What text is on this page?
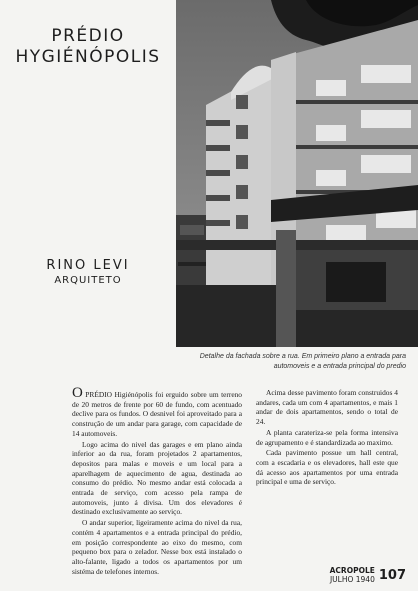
PRÉDIO
HYGIÉNÓPOLIS
RINO LEVI
ARQUITETO
Detalhe da fachada sobre a rua. Em primeiro plano a entrada para automoveis e a entrada principal do predio

O PRÉDIO Higiénópolis foi erguido sobre um terreno de 20 metros de frente por 60 de fundo, com acentuado declive para os fundos. O desnivel foi aproveitado para a construção de um andar para garage, com capacidade de 14 automoveis.

Logo acima do nivel das garages e em plano ainda inferior ao da rua, foram projetados 2 apartamentos, depositos para malas e moveis e um local para a aparelhagem de aquecimento de agua, destinada ao consumo do prédio. No mesmo andar está colocada a entrada de serviço, com acesso pela rampa de automoveis, junto á divisa. Um dos elevadores é destinado exclusivamente ao serviço.

O andar superior, ligeiramente acima do nivel da rua, contém 4 apartamentos e a entrada principal do prédio, em posição correspondente ao eixo do mesmo, com pequeno box para o zelador. Nesse box está instalado o alto-falante, ligado a todos os apartamentos por um sistéma de telefones internos.

Acima desse pavimento foram construidos 4 andares, cada um com 4 apartamentos, e mais 1 andar de dois apartamentos, sendo o total de 24.

A planta carateriza-se pela forma intensiva de agrupamento e é standardizada ao maximo.

Cada pavimento possue um hall central, com a escadaria e os elevadores, hall este que dá acesso aos apartamentos por uma entrada principal e uma de serviço.

ACROPOLE
JULHO 1940 107
